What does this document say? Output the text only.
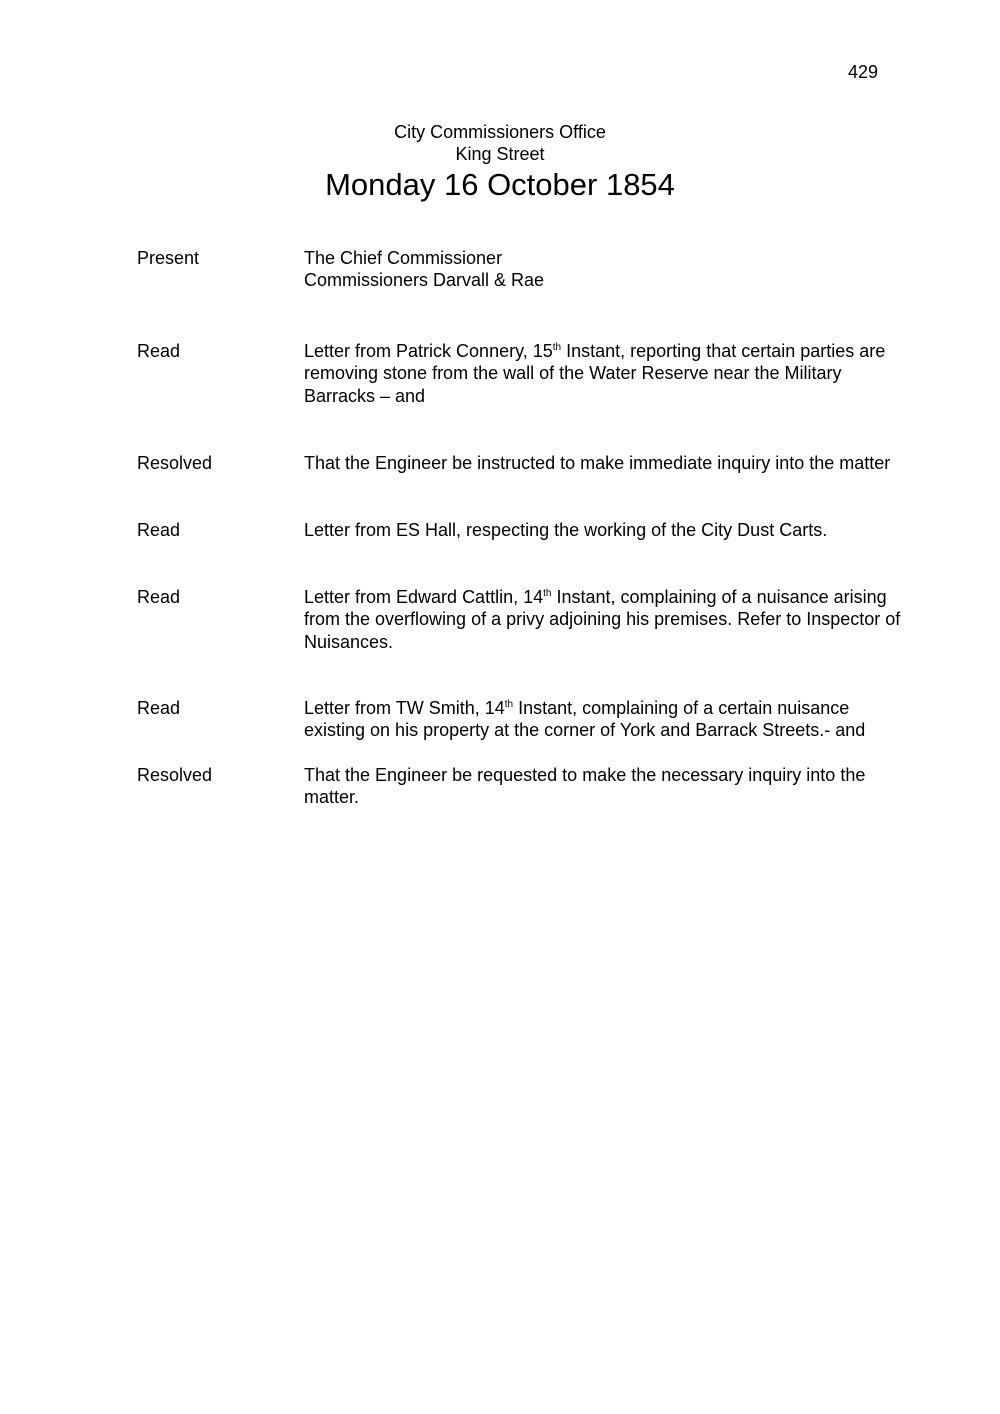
429
City Commissioners Office
King Street
Monday 16 October 1854
Present	The Chief Commissioner
Commissioners Darvall & Rae
Read	Letter from Patrick Connery, 15th Instant, reporting that certain parties are
removing stone from the wall of the Water Reserve near the Military
Barracks – and
Resolved	That the Engineer be instructed to make immediate inquiry into the matter
Read	Letter from ES Hall, respecting the working of the City Dust Carts.
Read	Letter from Edward Cattlin, 14th Instant, complaining of a nuisance arising
from the overflowing of a privy adjoining his premises. Refer to Inspector of
Nuisances.
Read	Letter from TW Smith, 14th Instant, complaining of a certain nuisance
existing on his property at the corner of York and Barrack Streets.- and
Resolved	That the Engineer be requested to make the necessary inquiry into the
matter.
